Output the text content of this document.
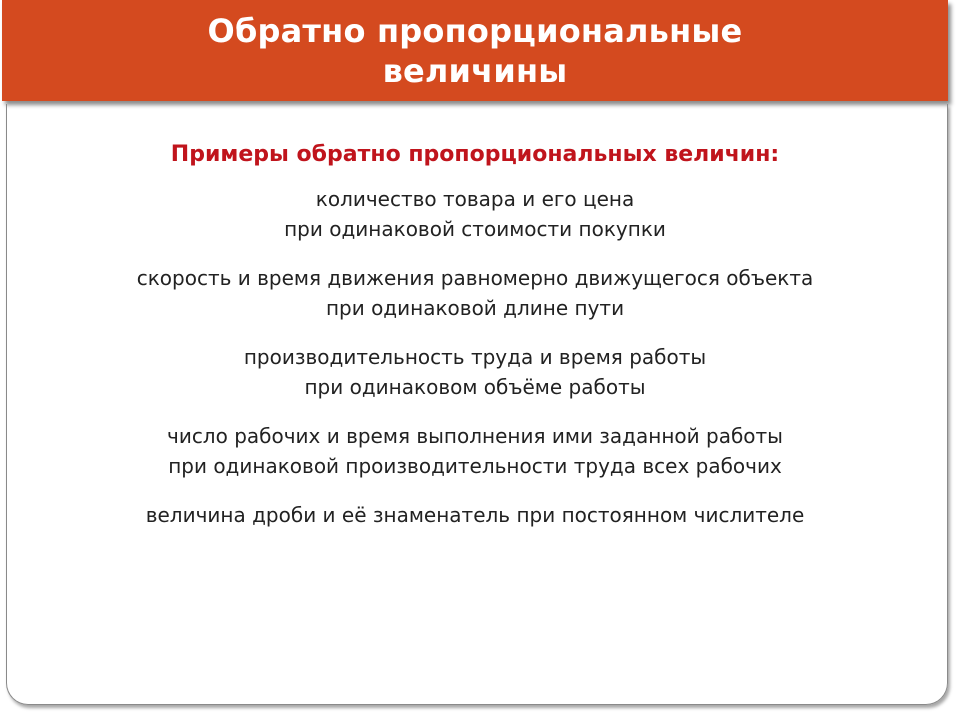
Обратно пропорциональные
величины
Примеры обратно пропорциональных величин:
количество товара и его цена
при одинаковой стоимости покупки
скорость и время движения равномерно движущегося объекта
при одинаковой длине пути
производительность труда и время работы
при одинаковом объёме работы
число рабочих и время выполнения ими заданной работы
при одинаковой производительности труда всех рабочих
величина дроби и её знаменатель при постоянном числителе
